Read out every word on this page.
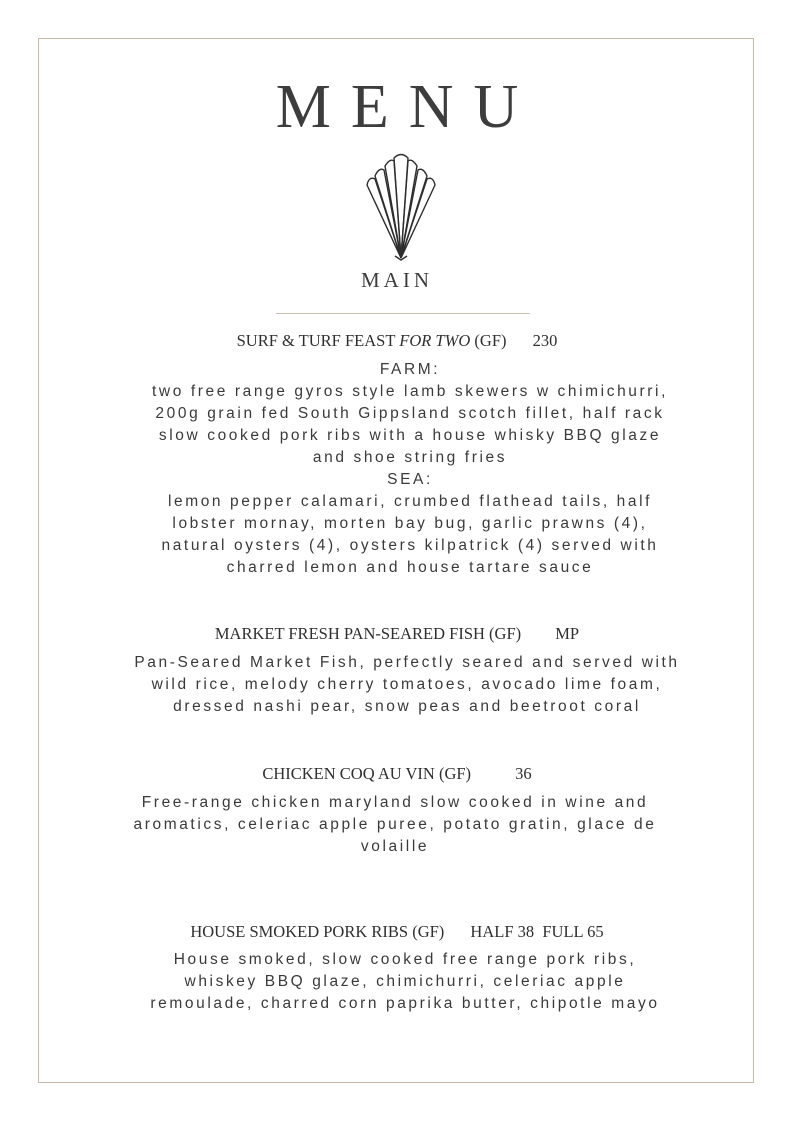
MENU
MAIN
SURF & TURF FEAST FOR TWO (GF) 230
FARM:
two free range gyros style lamb skewers w chimichurri,
200g grain fed South Gippsland scotch fillet, half rack
slow cooked pork ribs with a house whisky BBQ glaze
and shoe string fries
SEA:
lemon pepper calamari, crumbed flathead tails, half
lobster mornay, morten bay bug, garlic prawns (4),
natural oysters (4), oysters kilpatrick (4) served with
charred lemon and house tartare sauce
MARKET FRESH PAN-SEARED FISH (GF) MP
Pan-Seared Market Fish, perfectly seared and served with
wild rice, melody cherry tomatoes, avocado lime foam,
dressed nashi pear, snow peas and beetroot coral
CHICKEN COQ AU VIN (GF)	36
Free-range chicken maryland slow cooked in wine and
aromatics, celeriac apple puree, potato gratin, glace de
volaille
HOUSE SMOKED PORK RIBS (GF) HALF 38  FULL 65
House smoked, slow cooked free range pork ribs,
whiskey BBQ glaze, chimichurri, celeriac apple
remoulade, charred corn paprika butter, chipotle mayo
